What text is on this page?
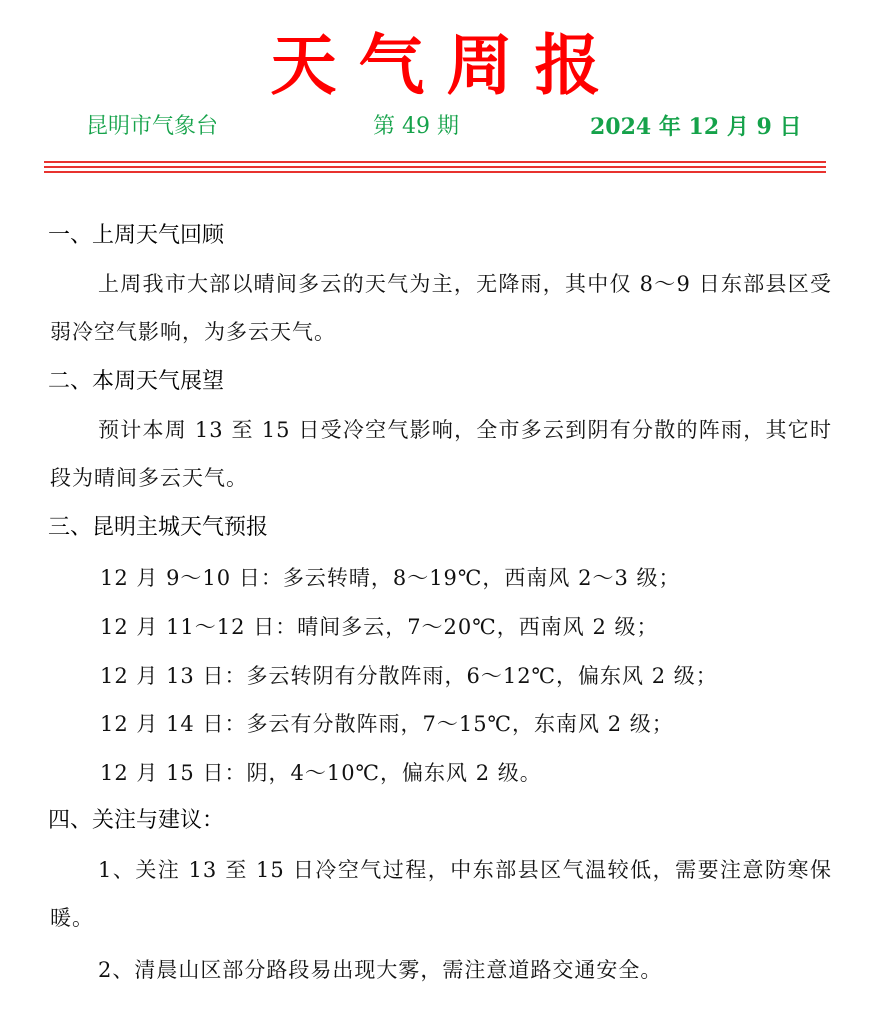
天气周报
昆明市气象台	第 49 期	2024 年 12 月 9 日
一、上周天气回顾
上周我市大部以晴间多云的天气为主，无降雨，其中仅 8～9 日东部县区受弱冷空气影响，为多云天气。
二、本周天气展望
预计本周 13 至 15 日受冷空气影响，全市多云到阴有分散的阵雨，其它时段为晴间多云天气。
三、昆明主城天气预报
12 月 9～10 日：多云转晴，8～19℃，西南风 2～3 级；
12 月 11～12 日：晴间多云，7～20℃，西南风 2 级；
12 月 13 日：多云转阴有分散阵雨，6～12℃，偏东风 2 级；
12 月 14 日：多云有分散阵雨，7～15℃，东南风 2 级；
12 月 15 日：阴，4～10℃，偏东风 2 级。
四、关注与建议：
1、关注 13 至 15 日冷空气过程，中东部县区气温较低，需要注意防寒保暖。
2、清晨山区部分路段易出现大雾，需注意道路交通安全。
